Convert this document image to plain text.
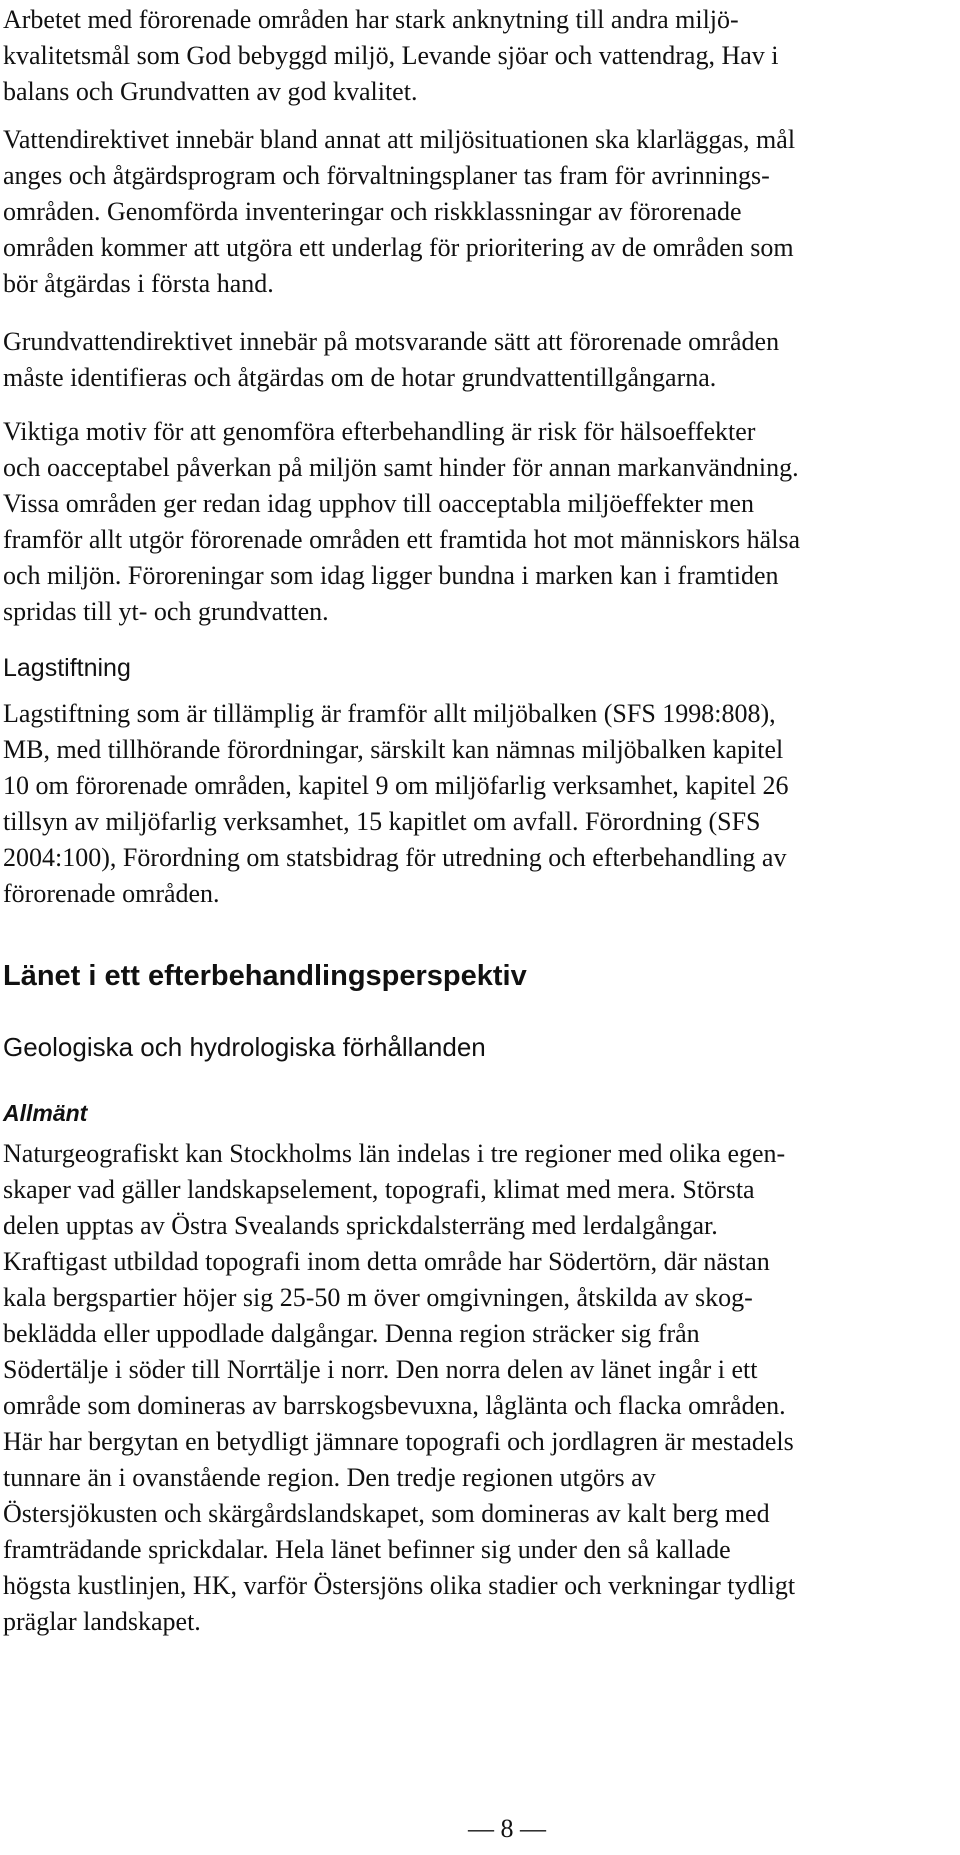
Arbetet med förorenade områden har stark anknytning till andra miljö-
kvalitetsmål som God bebyggd miljö, Levande sjöar och vattendrag, Hav i
balans och Grundvatten av god kvalitet.
Vattendirektivet innebär bland annat att miljösituationen ska klarläggas, mål
anges och åtgärdsprogram och förvaltningsplaner tas fram för avrinnings-
områden. Genomförda inventeringar och riskklassningar av förorenade
områden kommer att utgöra ett underlag för prioritering av de områden som
bör åtgärdas i första hand.
Grundvattendirektivet innebär på motsvarande sätt att förorenade områden
måste identifieras och åtgärdas om de hotar grundvattentillgångarna.
Viktiga motiv för att genomföra efterbehandling är risk för hälsoeffekter
och oacceptabel påverkan på miljön samt hinder för annan markanvändning.
Vissa områden ger redan idag upphov till oacceptabla miljöeffekter men
framför allt utgör förorenade områden ett framtida hot mot människors hälsa
och miljön. Föroreningar som idag ligger bundna i marken kan i framtiden
spridas till yt- och grundvatten.
Lagstiftning
Lagstiftning som är tillämplig är framför allt miljöbalken (SFS 1998:808),
MB, med tillhörande förordningar, särskilt kan nämnas miljöbalken kapitel
10 om förorenade områden, kapitel 9 om miljöfarlig verksamhet, kapitel 26
tillsyn av miljöfarlig verksamhet, 15 kapitlet om avfall. Förordning (SFS
2004:100), Förordning om statsbidrag för utredning och efterbehandling av
förorenade områden.
Länet i ett efterbehandlingsperspektiv
Geologiska och hydrologiska förhållanden
Allmänt
Naturgeografiskt kan Stockholms län indelas i tre regioner med olika egen-
skaper vad gäller landskapselement, topografi, klimat med mera. Största
delen upptas av Östra Svealands sprickdalsterräng med lerdalgångar.
Kraftigast utbildad topografi inom detta område har Södertörn, där nästan
kala bergspartier höjer sig 25-50 m över omgivningen, åtskilda av skog-
beklädda eller uppodlade dalgångar. Denna region sträcker sig från
Södertälje i söder till Norrtälje i norr. Den norra delen av länet ingår i ett
område som domineras av barrskogsbevuxna, låglänta och flacka områden.
Här har bergytan en betydligt jämnare topografi och jordlagren är mestadels
tunnare än i ovanstående region. Den tredje regionen utgörs av
Östersjökusten och skärgårdslandskapet, som domineras av kalt berg med
framträdande sprickdalar. Hela länet befinner sig under den så kallade
högsta kustlinjen, HK, varför Östersjöns olika stadier och verkningar tydligt
präglar landskapet.
— 8 —
